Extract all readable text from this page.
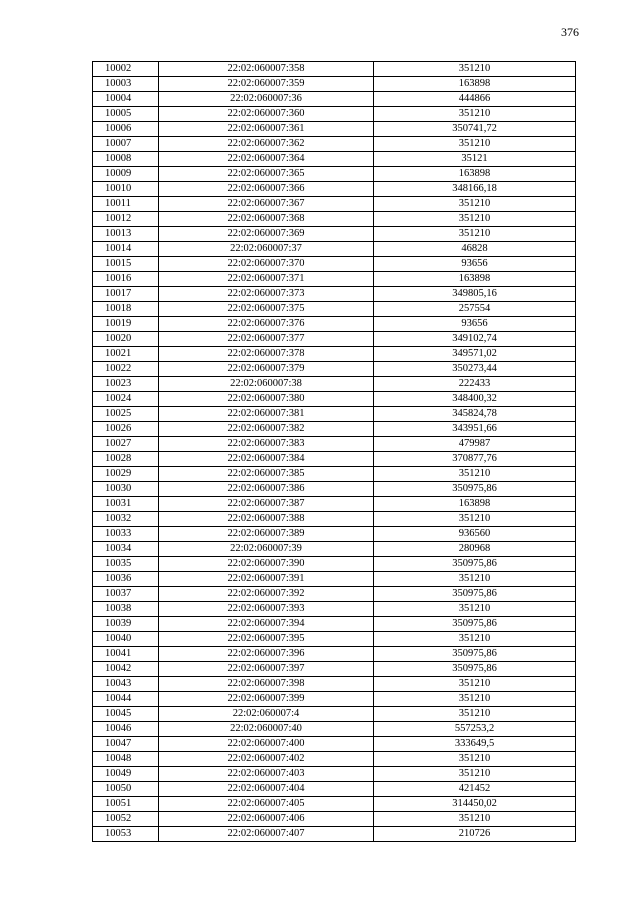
376
10002	22:02:060007:358	351210
10003	22:02:060007:359	163898
10004	22:02:060007:36	444866
10005	22:02:060007:360	351210
10006	22:02:060007:361	350741,72
10007	22:02:060007:362	351210
10008	22:02:060007:364	35121
10009	22:02:060007:365	163898
10010	22:02:060007:366	348166,18
10011	22:02:060007:367	351210
10012	22:02:060007:368	351210
10013	22:02:060007:369	351210
10014	22:02:060007:37	46828
10015	22:02:060007:370	93656
10016	22:02:060007:371	163898
10017	22:02:060007:373	349805,16
10018	22:02:060007:375	257554
10019	22:02:060007:376	93656
10020	22:02:060007:377	349102,74
10021	22:02:060007:378	349571,02
10022	22:02:060007:379	350273,44
10023	22:02:060007:38	222433
10024	22:02:060007:380	348400,32
10025	22:02:060007:381	345824,78
10026	22:02:060007:382	343951,66
10027	22:02:060007:383	479987
10028	22:02:060007:384	370877,76
10029	22:02:060007:385	351210
10030	22:02:060007:386	350975,86
10031	22:02:060007:387	163898
10032	22:02:060007:388	351210
10033	22:02:060007:389	936560
10034	22:02:060007:39	280968
10035	22:02:060007:390	350975,86
10036	22:02:060007:391	351210
10037	22:02:060007:392	350975,86
10038	22:02:060007:393	351210
10039	22:02:060007:394	350975,86
10040	22:02:060007:395	351210
10041	22:02:060007:396	350975,86
10042	22:02:060007:397	350975,86
10043	22:02:060007:398	351210
10044	22:02:060007:399	351210
10045	22:02:060007:4	351210
10046	22:02:060007:40	557253,2
10047	22:02:060007:400	333649,5
10048	22:02:060007:402	351210
10049	22:02:060007:403	351210
10050	22:02:060007:404	421452
10051	22:02:060007:405	314450,02
10052	22:02:060007:406	351210
10053	22:02:060007:407	210726
